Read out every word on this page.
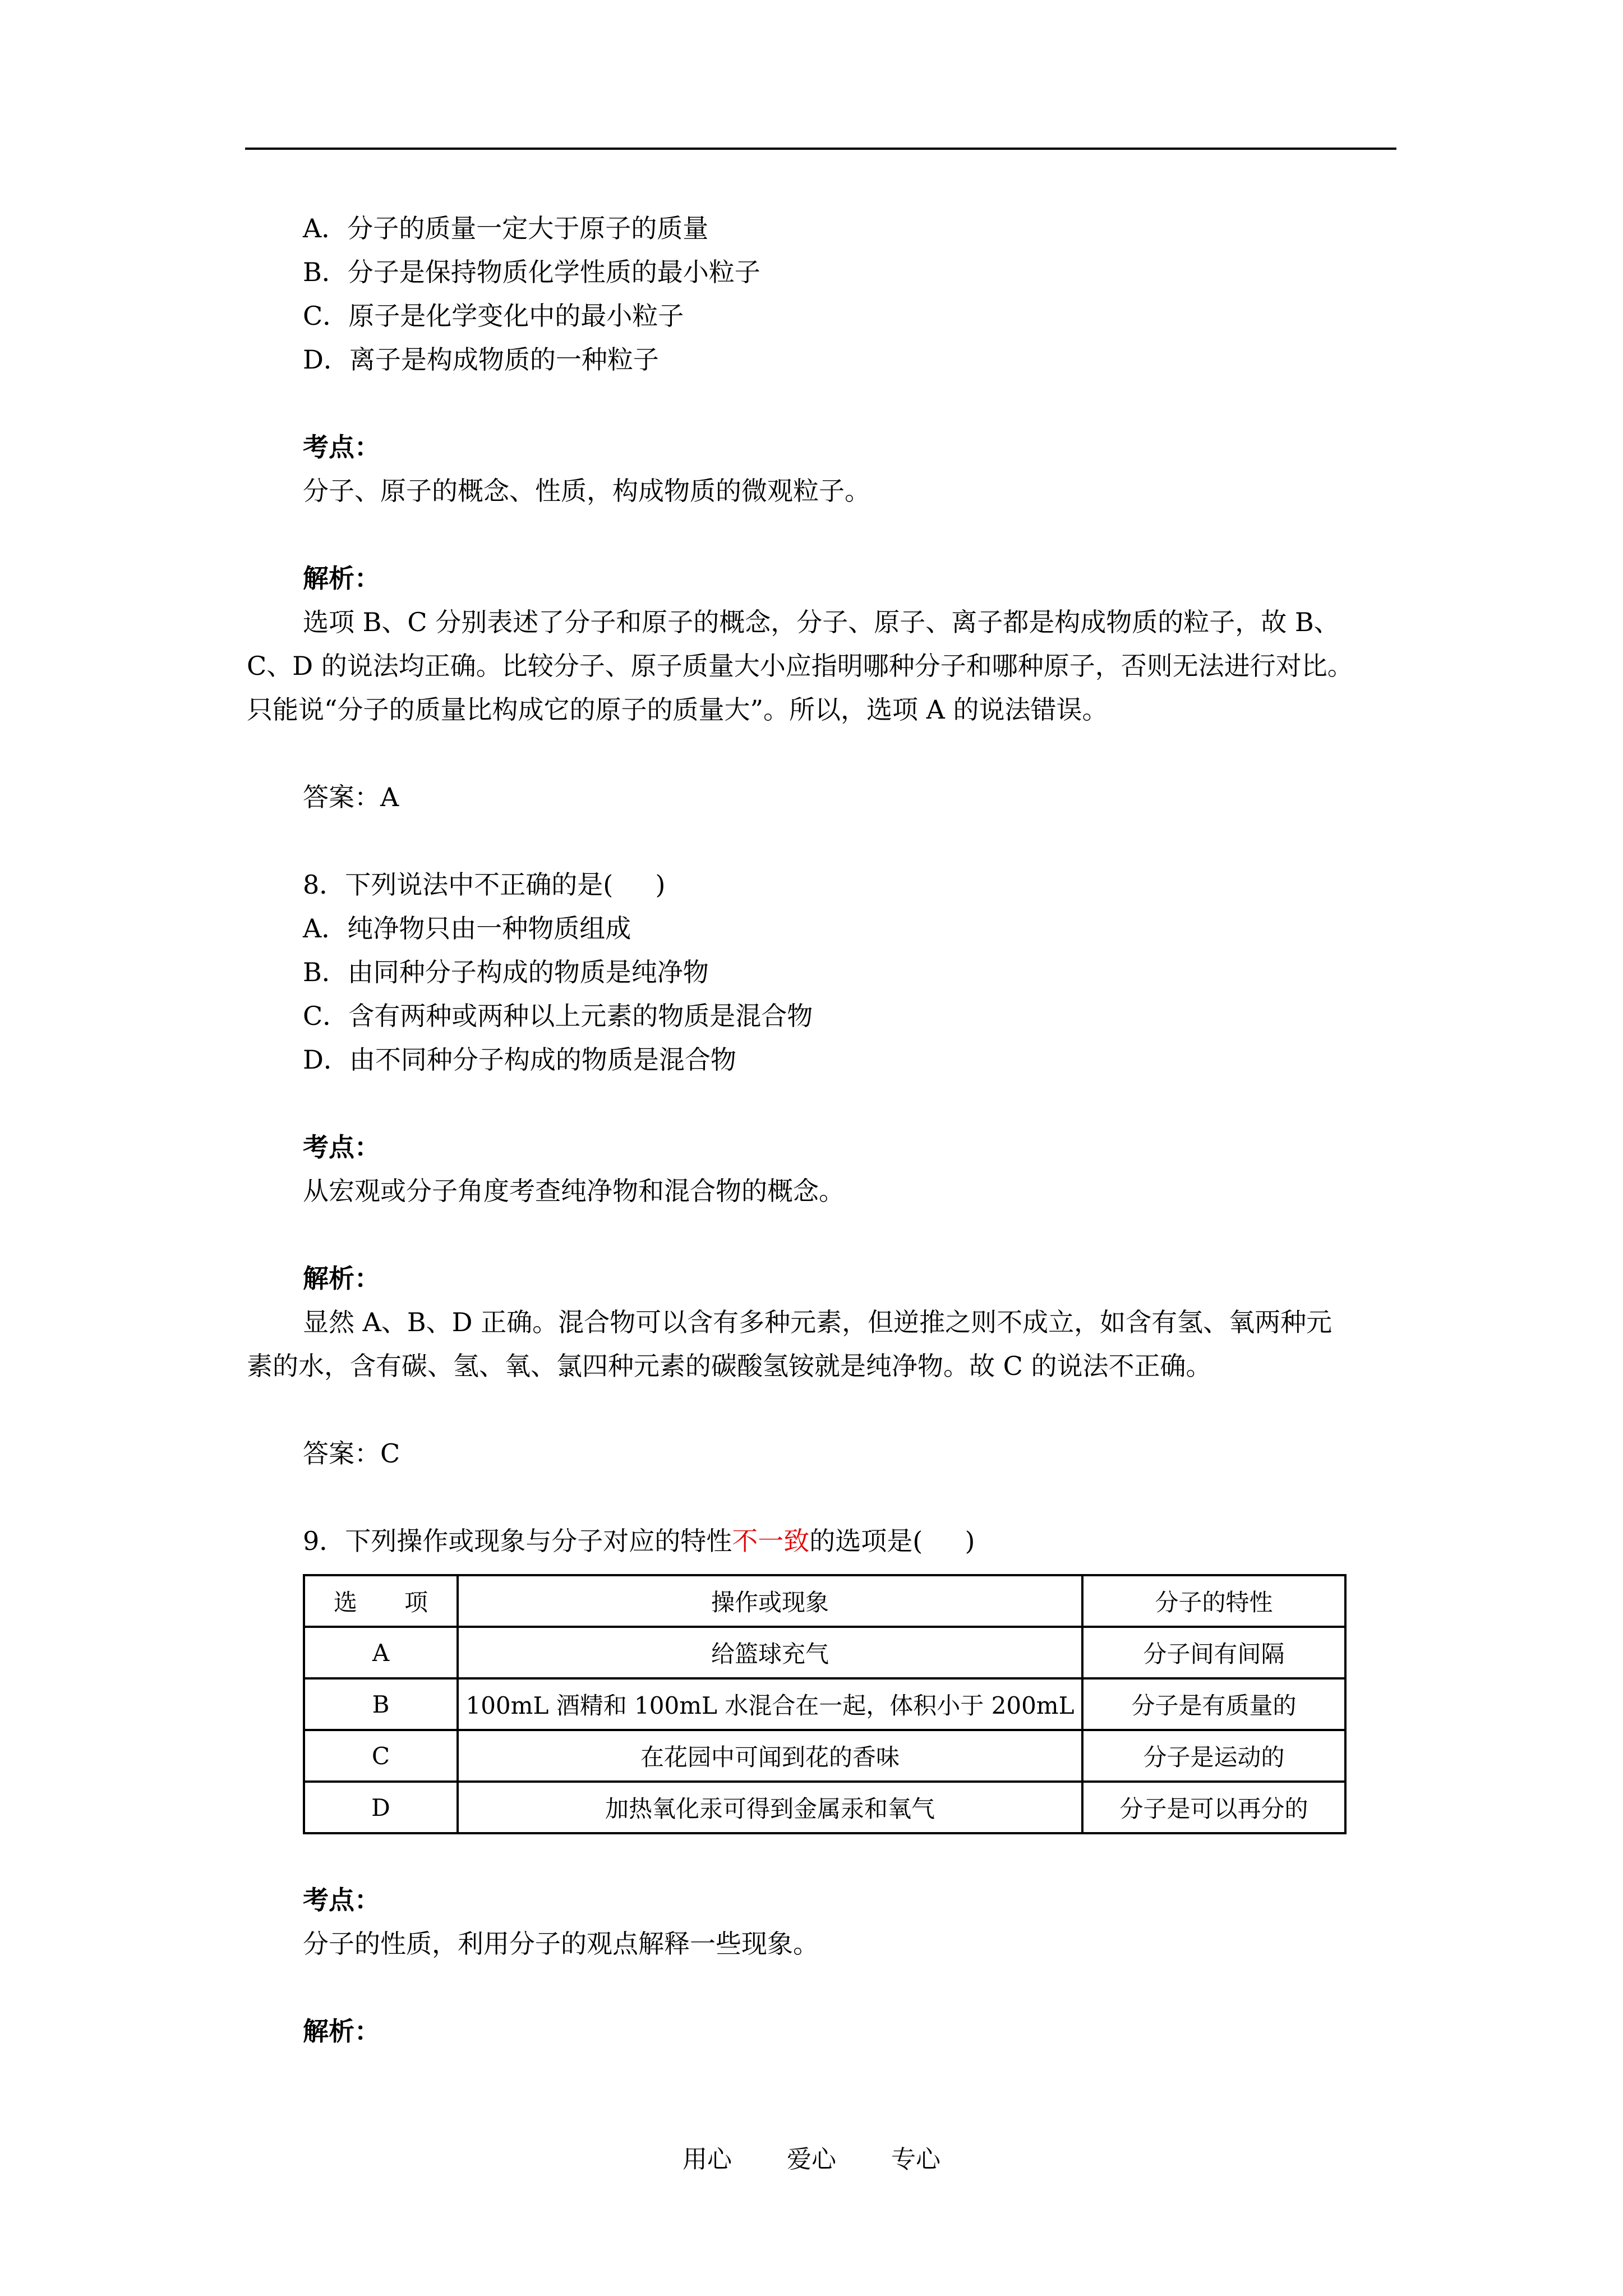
A．分子的质量一定大于原子的质量
B．分子是保持物质化学性质的最小粒子
C．原子是化学变化中的最小粒子
D．离子是构成物质的一种粒子
考点：
分子、原子的概念、性质，构成物质的微观粒子。
解析：
选项 B、C 分别表述了分子和原子的概念，分子、原子、离子都是构成物质的粒子，故 B、
C、D 的说法均正确。比较分子、原子质量大小应指明哪种分子和哪种原子，否则无法进行对比。
只能说“分子的质量比构成它的原子的质量大”。所以，选项 A 的说法错误。
答案：A
8．下列说法中不正确的是(　  )
A．纯净物只由一种物质组成
B．由同种分子构成的物质是纯净物
C．含有两种或两种以上元素的物质是混合物
D．由不同种分子构成的物质是混合物
考点：
从宏观或分子角度考查纯净物和混合物的概念。
解析：
显然 A、B、D 正确。混合物可以含有多种元素，但逆推之则不成立，如含有氢、氧两种元
素的水，含有碳、氢、氧、氯四种元素的碳酸氢铵就是纯净物。故 C 的说法不正确。
答案：C
9．下列操作或现象与分子对应的特性不一致的选项是(　  )
选　　项	操作或现象	分子的特性
A	给篮球充气	分子间有间隔
B	100mL 酒精和 100mL 水混合在一起，体积小于 200mL	分子是有质量的
C	在花园中可闻到花的香味	分子是运动的
D	加热氧化汞可得到金属汞和氧气	分子是可以再分的
考点：
分子的性质，利用分子的观点解释一些现象。
解析：
用心 爱心 专心
